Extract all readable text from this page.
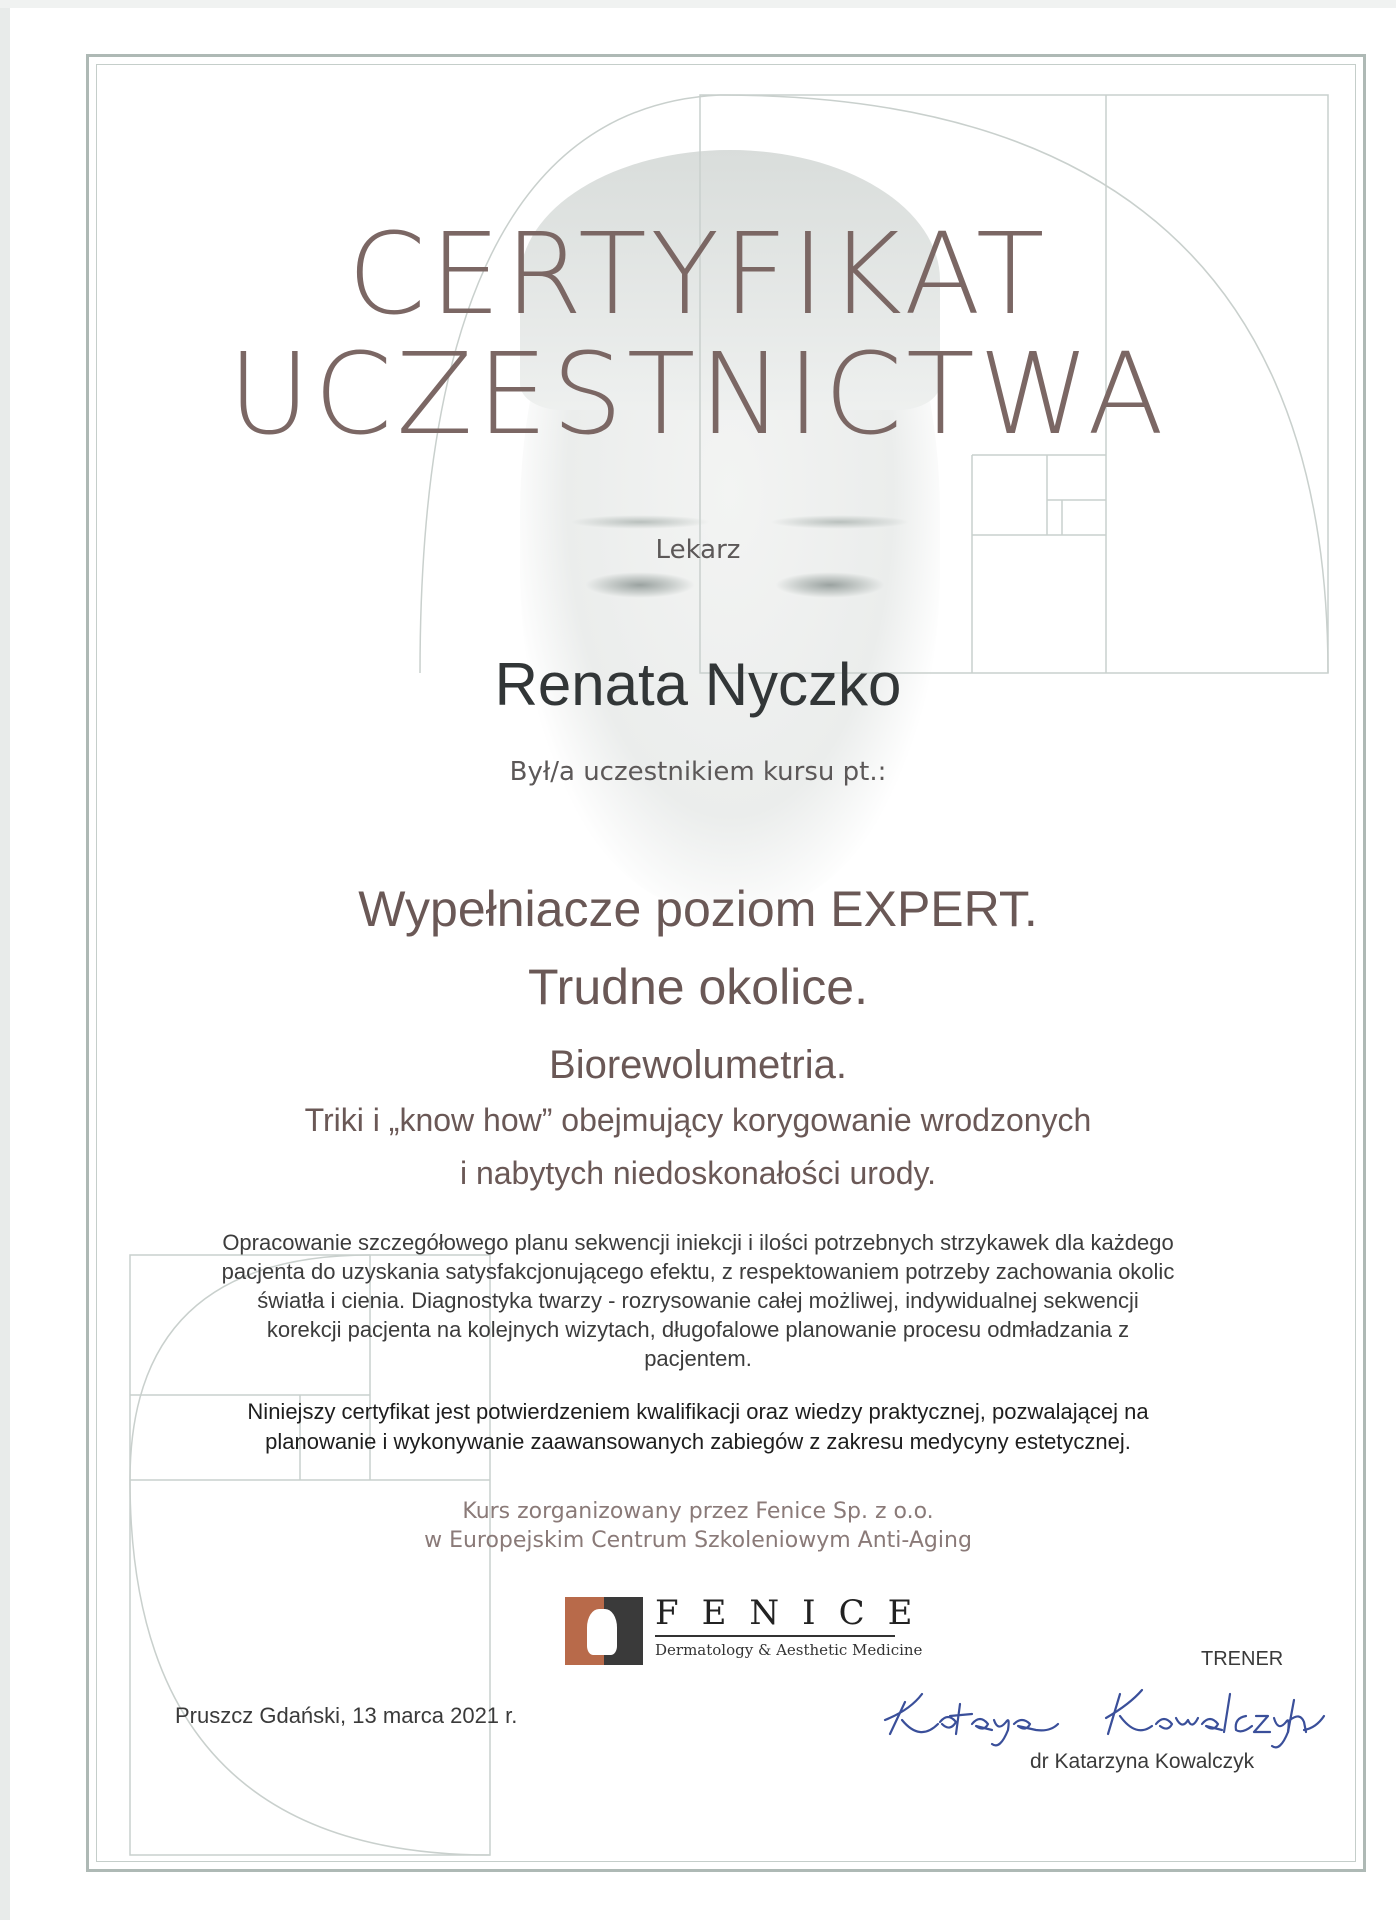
CERTYFIKAT
UCZESTNICTWA

Lekarz

Renata Nyczko

Był/a uczestnikiem kursu pt.:

Wypełniacze poziom EXPERT.

Trudne okolice.

Biorewolumetria.

Triki i „know how” obejmujący korygowanie wrodzonych

i nabytych niedoskonałości urody.

Opracowanie szczegółowego planu sekwencji iniekcji i ilości potrzebnych strzykawek dla każdego pacjenta do uzyskania satysfakcjonującego efektu, z respektowaniem potrzeby zachowania okolic światła i cienia. Diagnostyka twarzy - rozrysowanie całej możliwej, indywidualnej sekwencji korekcji pacjenta na kolejnych wizytach, długofalowe planowanie procesu odmładzania z pacjentem.

Niniejszy certyfikat jest potwierdzeniem kwalifikacji oraz wiedzy praktycznej, pozwalającej na planowanie i wykonywanie zaawansowanych zabiegów z zakresu medycyny estetycznej.

Kurs zorganizowany przez Fenice Sp. z o.o.
w Europejskim Centrum Szkoleniowym Anti-Aging
FENICE
Dermatology & Aesthetic Medicine	TRENER
Pruszcz Gdański, 13 marca 2021 r.
dr Katarzyna Kowalczyk
